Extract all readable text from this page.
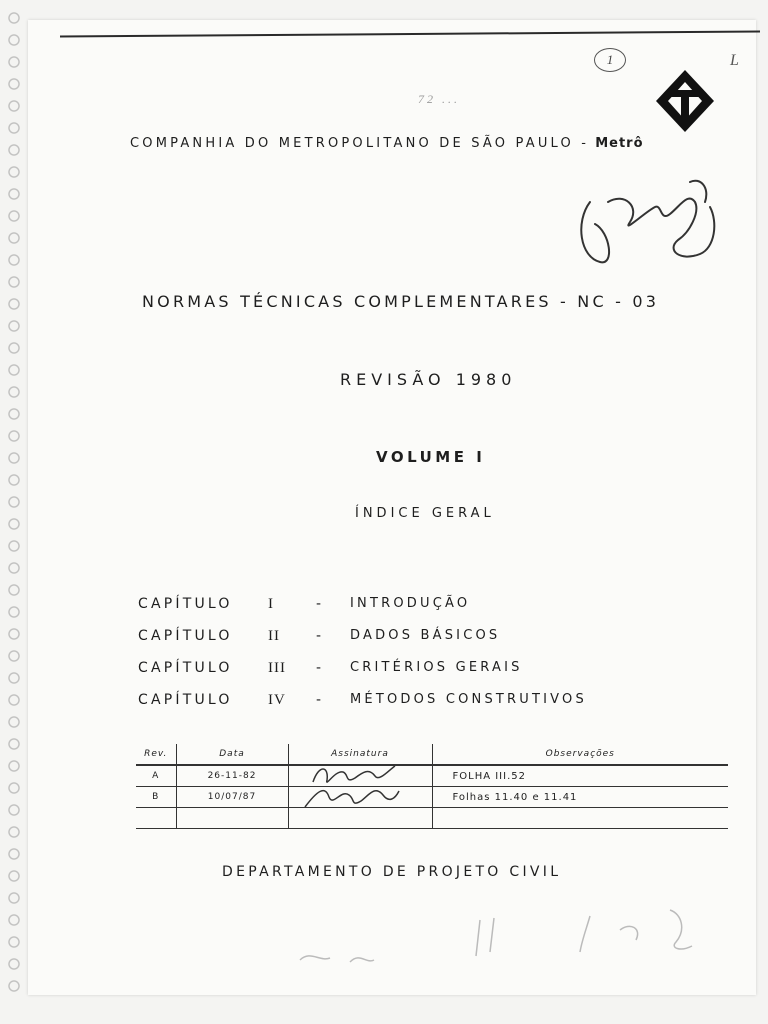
1	L
72 ...
COMPANHIA DO METROPOLITANO DE SÃO PAULO - Metrô
NORMAS TÉCNICAS COMPLEMENTARES - NC - 03
REVISÃO 1980
VOLUME I
ÍNDICE GERAL
CAPÍTULO I	- INTRODUÇÃO
CAPÍTULO II	- DADOS BÁSICOS
CAPÍTULO III - CRITÉRIOS GERAIS
CAPÍTULO IV - MÉTODOS CONSTRUTIVOS
Rev.	Data	Assinatura	Observações
A	26-11-82		FOLHA III.52
B	10/07/87		Folhas 11.40 e 11.41

DEPARTAMENTO DE PROJETO CIVIL
